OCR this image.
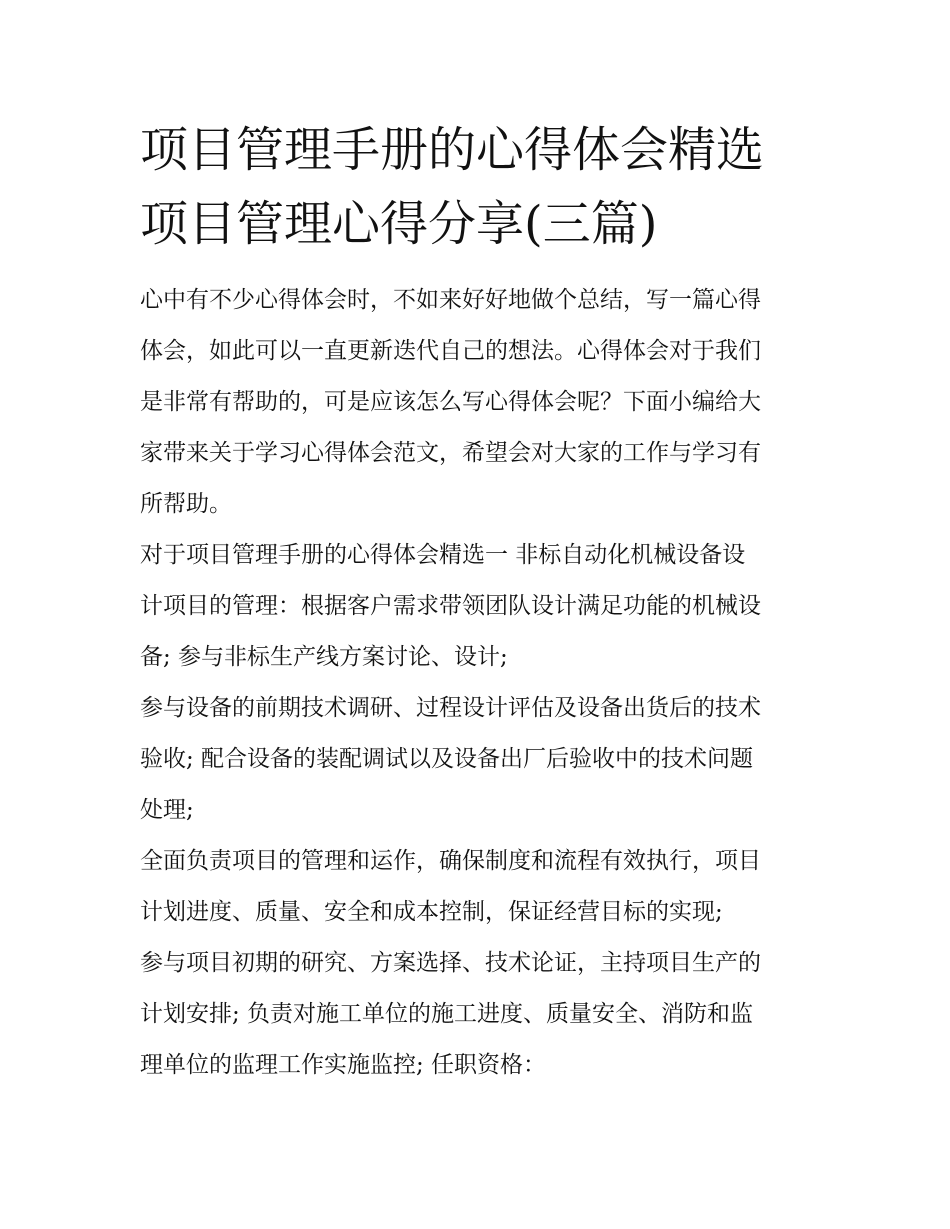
项目管理手册的心得体会精选
项目管理心得分享(三篇)

心中有不少心得体会时，不如来好好地做个总结，写一篇心得
体会，如此可以一直更新迭代自己的想法。心得体会对于我们
是非常有帮助的，可是应该怎么写心得体会呢？下面小编给大
家带来关于学习心得体会范文，希望会对大家的工作与学习有
所帮助。

对于项目管理手册的心得体会精选一 非标自动化机械设备设
计项目的管理：根据客户需求带领团队设计满足功能的机械设
备; 参与非标生产线方案讨论、设计;

参与设备的前期技术调研、过程设计评估及设备出货后的技术
验收; 配合设备的装配调试以及设备出厂后验收中的技术问题
处理;

全面负责项目的管理和运作，确保制度和流程有效执行，项目
计划进度、质量、安全和成本控制，保证经营目标的实现;

参与项目初期的研究、方案选择、技术论证，主持项目生产的
计划安排; 负责对施工单位的施工进度、质量安全、消防和监
理单位的监理工作实施监控; 任职资格：
